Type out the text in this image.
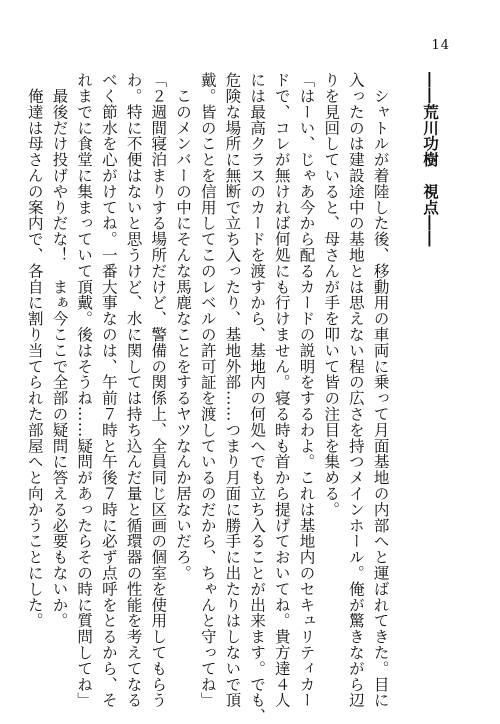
14
――荒川功樹　視点――
　シャトルが着陸した後、移動用の車両に乗って月面基地の内部へと運ばれてきた。目に
入ったのは建設途中の基地とは思えない程の広さを持つメインホール。俺が驚きながら辺
りを見回していると、母さんが手を叩いて皆の注目を集める。
「はーい、じゃあ今から配るカードの説明をするわよ。これは基地内のセキュリティカー
ドで、コレが無ければ何処にも行けません。寝る時も首から提げておいてね。貴方達４人
には最高クラスのカードを渡すから、基地内の何処へでも立ち入ることが出来ます。でも、
危険な場所に無断で立ち入ったり、基地外部……つまり月面に勝手に出たりはしないで頂
戴。皆のことを信用してこのレベルの許可証を渡しているのだから、ちゃんと守ってね」
　このメンバーの中にそんな馬鹿なことをするヤツなんか居ないだろ。
「２週間寝泊まりする場所だけど、警備の関係上、全員同じ区画の個室を使用してもらう
わ。特に不便はないと思うけど、水に関しては持ち込んだ量と循環器の性能を考えてなる
べく節水を心がけてね。一番大事なのは、午前７時と午後７時に必ず点呼をとるから、そ
れまでに食堂に集まっていて頂戴。後はそうね……疑問があったらその時に質問してね」
　最後だけ投げやりだな！　まぁ今ここで全部の疑問に答える必要もないか。
　俺達は母さんの案内で、各自に割り当てられた部屋へと向かうことにした。
